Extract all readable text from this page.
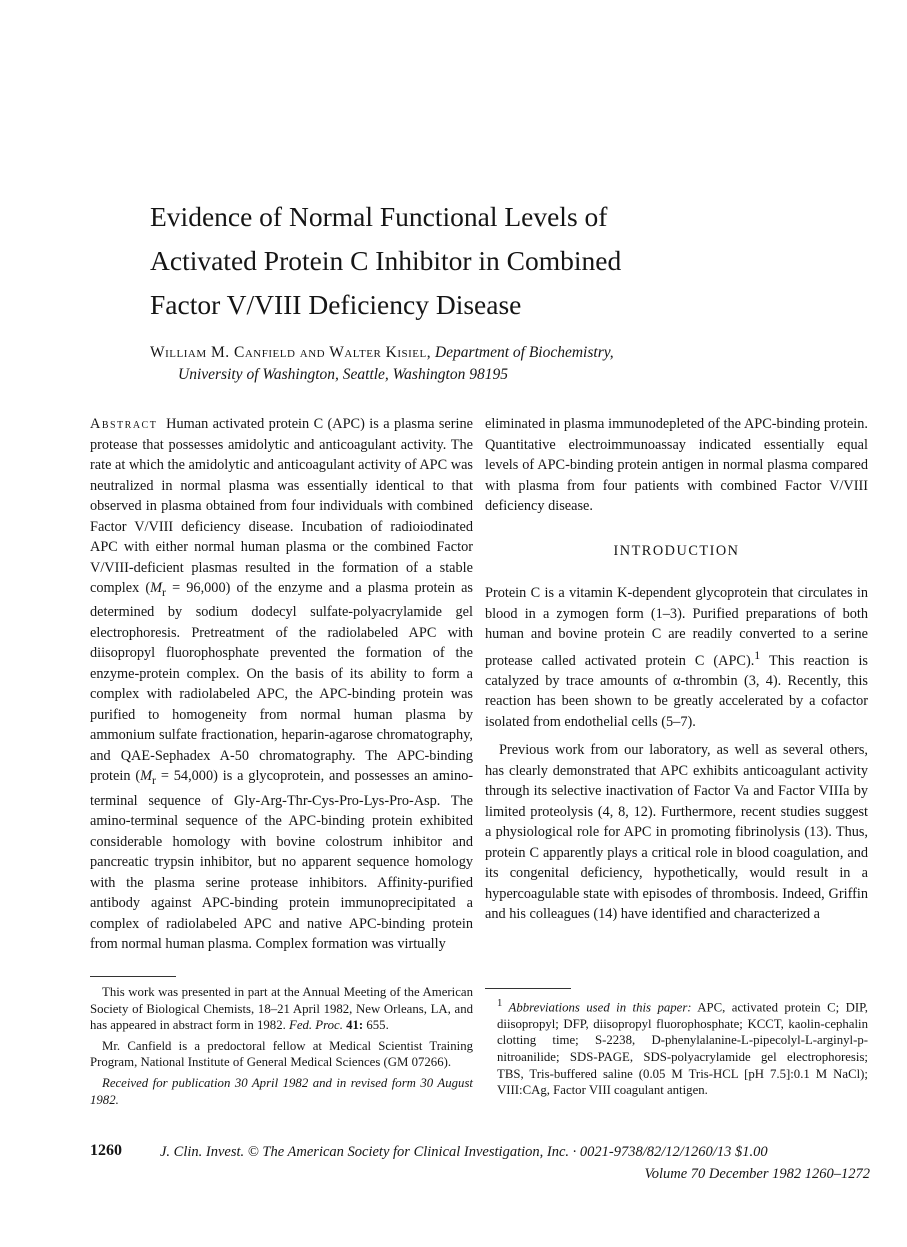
Evidence of Normal Functional Levels of
Activated Protein C Inhibitor in Combined
Factor V/VIII Deficiency Disease
William M. Canfield and Walter Kisiel, Department of Biochemistry,
University of Washington, Seattle, Washington 98195

Abstract Human activated protein C (APC) is a plasma serine protease that possesses amidolytic and anticoagulant activity. The rate at which the amidolytic and anticoagulant activity of APC was neutralized in normal plasma was essentially identical to that observed in plasma obtained from four individuals with combined Factor V/VIII deficiency disease. Incubation of radioiodinated APC with either normal human plasma or the combined Factor V/VIII-deficient plasmas resulted in the formation of a stable complex $(M_r = 96,000)$ of the enzyme and a plasma protein as determined by sodium dodecyl sulfate-polyacrylamide gel electrophoresis. Pretreatment of the radiolabeled APC with diisopropyl fluorophosphate prevented the formation of the enzyme-protein complex. On the basis of its ability to form a complex with radiolabeled APC, the APC-binding protein was purified to homogeneity from normal human plasma by ammonium sulfate fractionation, heparin-agarose chromatography, and QAE-Sephadex A-50 chromatography. The APC-binding protein $(M_r = 54,000)$ is a glycoprotein, and possesses an amino-terminal sequence of Gly-Arg-Thr-Cys-Pro-Lys-Pro-Asp. The amino-terminal sequence of the APC-binding protein exhibited considerable homology with bovine colostrum inhibitor and pancreatic trypsin inhibitor, but no apparent sequence homology with the plasma serine protease inhibitors. Affinity-purified antibody against APC-binding protein immunoprecipitated a complex of radiolabeled APC and native APC-binding protein from normal human plasma. Complex formation was virtually

eliminated in plasma immunodepleted of the APC-binding protein. Quantitative electroimmunoassay indicated essentially equal levels of APC-binding protein antigen in normal plasma compared with plasma from four patients with combined Factor V/VIII deficiency disease.

INTRODUCTION

Protein C is a vitamin K-dependent glycoprotein that circulates in blood in a zymogen form (1–3). Purified preparations of both human and bovine protein C are readily converted to a serine protease called activated protein C (APC).$^1$ This reaction is catalyzed by trace amounts of α-thrombin (3, 4). Recently, this reaction has been shown to be greatly accelerated by a cofactor isolated from endothelial cells (5–7).

Previous work from our laboratory, as well as several others, has clearly demonstrated that APC exhibits anticoagulant activity through its selective inactivation of Factor Va and Factor VIIIa by limited proteolysis (4, 8, 12). Furthermore, recent studies suggest a physiological role for APC in promoting fibrinolysis (13). Thus, protein C apparently plays a critical role in blood coagulation, and its congenital deficiency, hypothetically, would result in a hypercoagulable state with episodes of thrombosis. Indeed, Griffin and his colleagues (14) have identified and characterized a

This work was presented in part at the Annual Meeting of the American Society of Biological Chemists, 18–21 April 1982, New Orleans, LA, and has appeared in abstract form in 1982. Fed. Proc. 41: 655.

Mr. Canfield is a predoctoral fellow at Medical Scientist Training Program, National Institute of General Medical Sciences (GM 07266).

Received for publication 30 April 1982 and in revised form 30 August 1982.

$^1$ Abbreviations used in this paper: APC, activated protein C; DIP, diisopropyl; DFP, diisopropyl fluorophosphate; KCCT, kaolin-cephalin clotting time; S-2238, D-phenylalanine-L-pipecolyl-L-arginyl-p-nitroanilide; SDS-PAGE, SDS-polyacrylamide gel electrophoresis; TBS, Tris-buffered saline (0.05 M Tris-HCL [pH 7.5]:0.1 M NaCl); VIII:CAg, Factor VIII coagulant antigen.

1260	J. Clin. Invest. © The American Society for Clinical Investigation, Inc. · 0021-9738/82/12/1260/13 $1.00
Volume 70 December 1982 1260–1272
